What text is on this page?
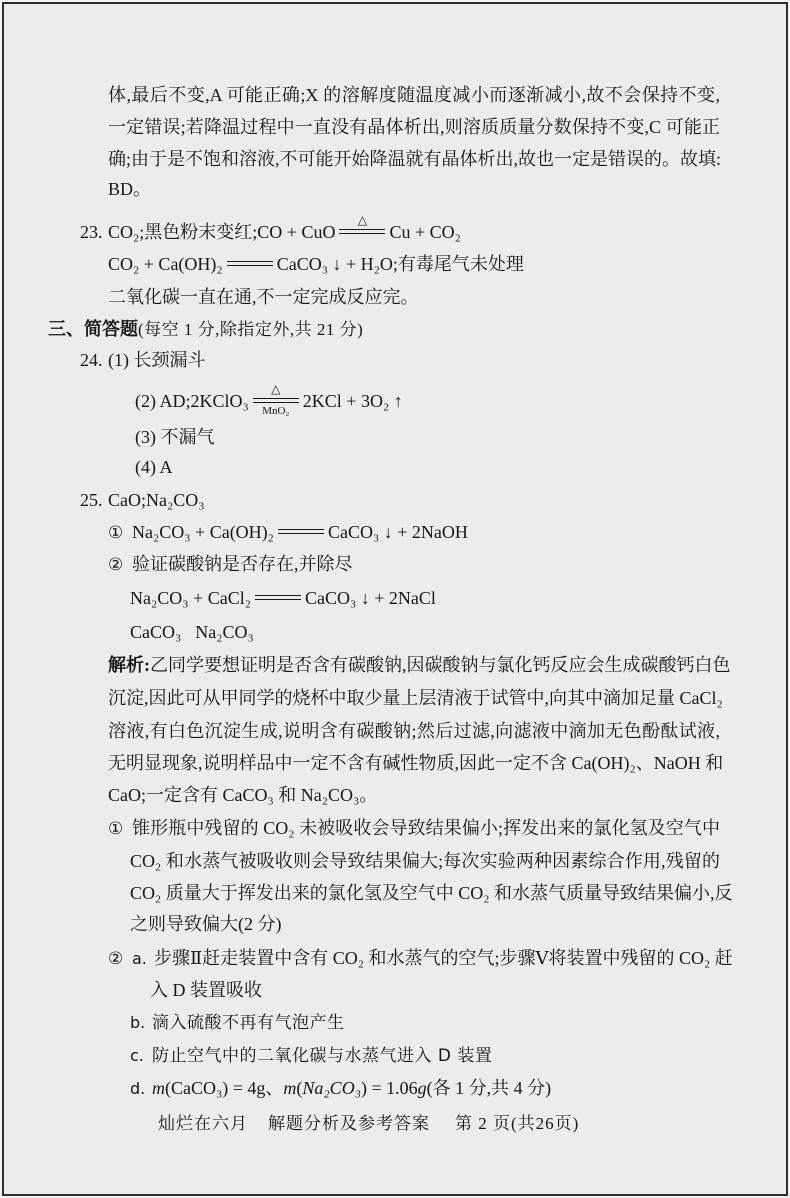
体,最后不变,A 可能正确;X 的溶解度随温度减小而逐渐减小,故不会保持不变,
一定错误;若降温过程中一直没有晶体析出,则溶质质量分数保持不变,C 可能正
确;由于是不饱和溶液,不可能开始降温就有晶体析出,故也一定是错误的。故填:
BD。
23. CO₂;黑色粉末变红;CO + CuO
△
Cu + CO₂
CO₂ + Ca(OH)₂	CaCO₃ ↓ + H₂O;有毒尾气未处理
二氧化碳一直在通,不一定完成反应完。
三、简答题(每空 1 分,除指定外,共 21 分)
24. (1) 长颈漏斗
(2) AD;2KClO₃
△
MnO₂ 2KCl + 3O₂ ↑
(3) 不漏气
(4) A
25. CaO;Na₂CO₃
① Na₂CO₃ + Ca(OH)₂	CaCO₃ ↓ + 2NaOH
② 验证碳酸钠是否存在,并除尽
Na₂CO₃ + CaCl₂	CaCO₃ ↓ + 2NaCl
CaCO₃ Na₂CO₃
解析:乙同学要想证明是否含有碳酸钠,因碳酸钠与氯化钙反应会生成碳酸钙白色
沉淀,因此可从甲同学的烧杯中取少量上层清液于试管中,向其中滴加足量 CaCl₂
溶液,有白色沉淀生成,说明含有碳酸钠;然后过滤,向滤液中滴加无色酚酞试液,
无明显现象,说明样品中一定不含有碱性物质,因此一定不含 Ca(OH)₂、NaOH 和
CaO;一定含有 CaCO₃ 和 Na₂CO₃。
① 锥形瓶中残留的 CO₂ 未被吸收会导致结果偏小;挥发出来的氯化氢及空气中
CO₂ 和水蒸气被吸收则会导致结果偏大;每次实验两种因素综合作用,残留的
CO₂ 质量大于挥发出来的氯化氢及空气中 CO₂ 和水蒸气质量导致结果偏小,反
之则导致偏大(2 分)
② a. 步骤Ⅱ赶走装置中含有 CO₂ 和水蒸气的空气;步骤Ⅴ将装置中残留的 CO₂ 赶
入 D 装置吸收
b. 滴入硫酸不再有气泡产生
c. 防止空气中的二氧化碳与水蒸气进入 D 装置
d. m(CaCO₃) = 4g、m(Na₂CO₃) = 1.06g(各 1 分,共 4 分)
灿烂在六月 解题分析及参考答案 第 2 页(共26页)
